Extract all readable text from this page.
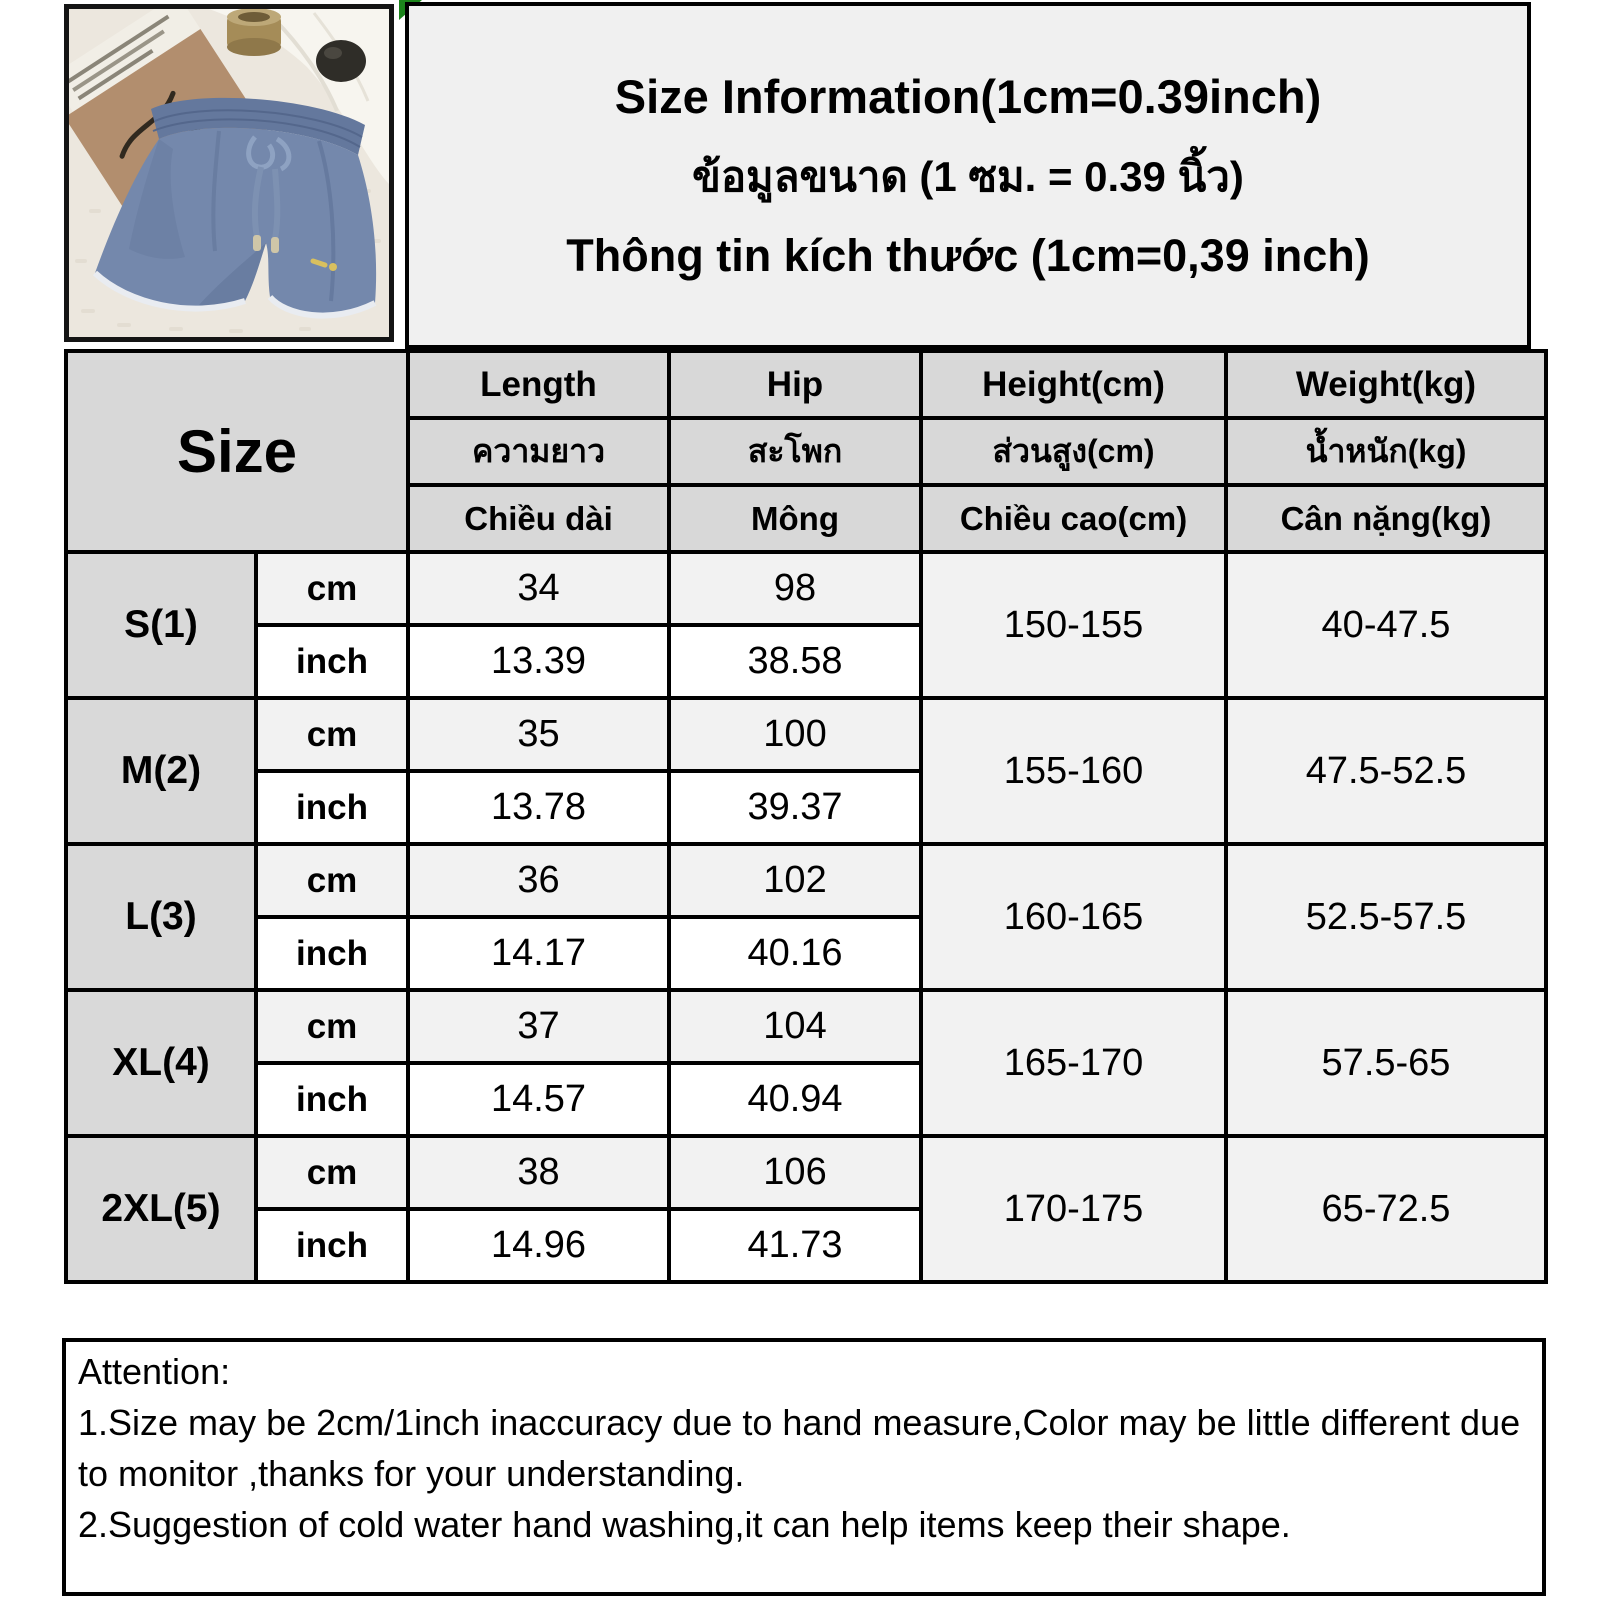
Size Information(1cm=0.39inch)
ข้อมูลขนาด (1 ซม. = 0.39 นิ้ว)
Thông tin kích thước (1cm=0,39 inch)
Size		Length	Hip	Height(cm)	Weight(kg)
		ความยาว	สะโพก	ส่วนสูง(cm)	น้ำหนัก(kg)
		Chiều dài	Mông	Chiều cao(cm)	Cân nặng(kg)
S(1)	cm	34	98	150-155	40-47.5
	inch	13.39	38.58		
M(2)	cm	35	100	155-160	47.5-52.5
	inch	13.78	39.37		
L(3)	cm	36	102	160-165	52.5-57.5
	inch	14.17	40.16		
XL(4)	cm	37	104	165-170	57.5-65
	inch	14.57	40.94		
2XL(5)	cm	38	106	170-175	65-72.5
	inch	14.96	41.73		

Attention:

1.Size may be 2cm/1inch inaccuracy due to hand measure,Color may be little different due to monitor ,thanks for your understanding.

2.Suggestion of cold water hand washing,it can help items keep their shape.
